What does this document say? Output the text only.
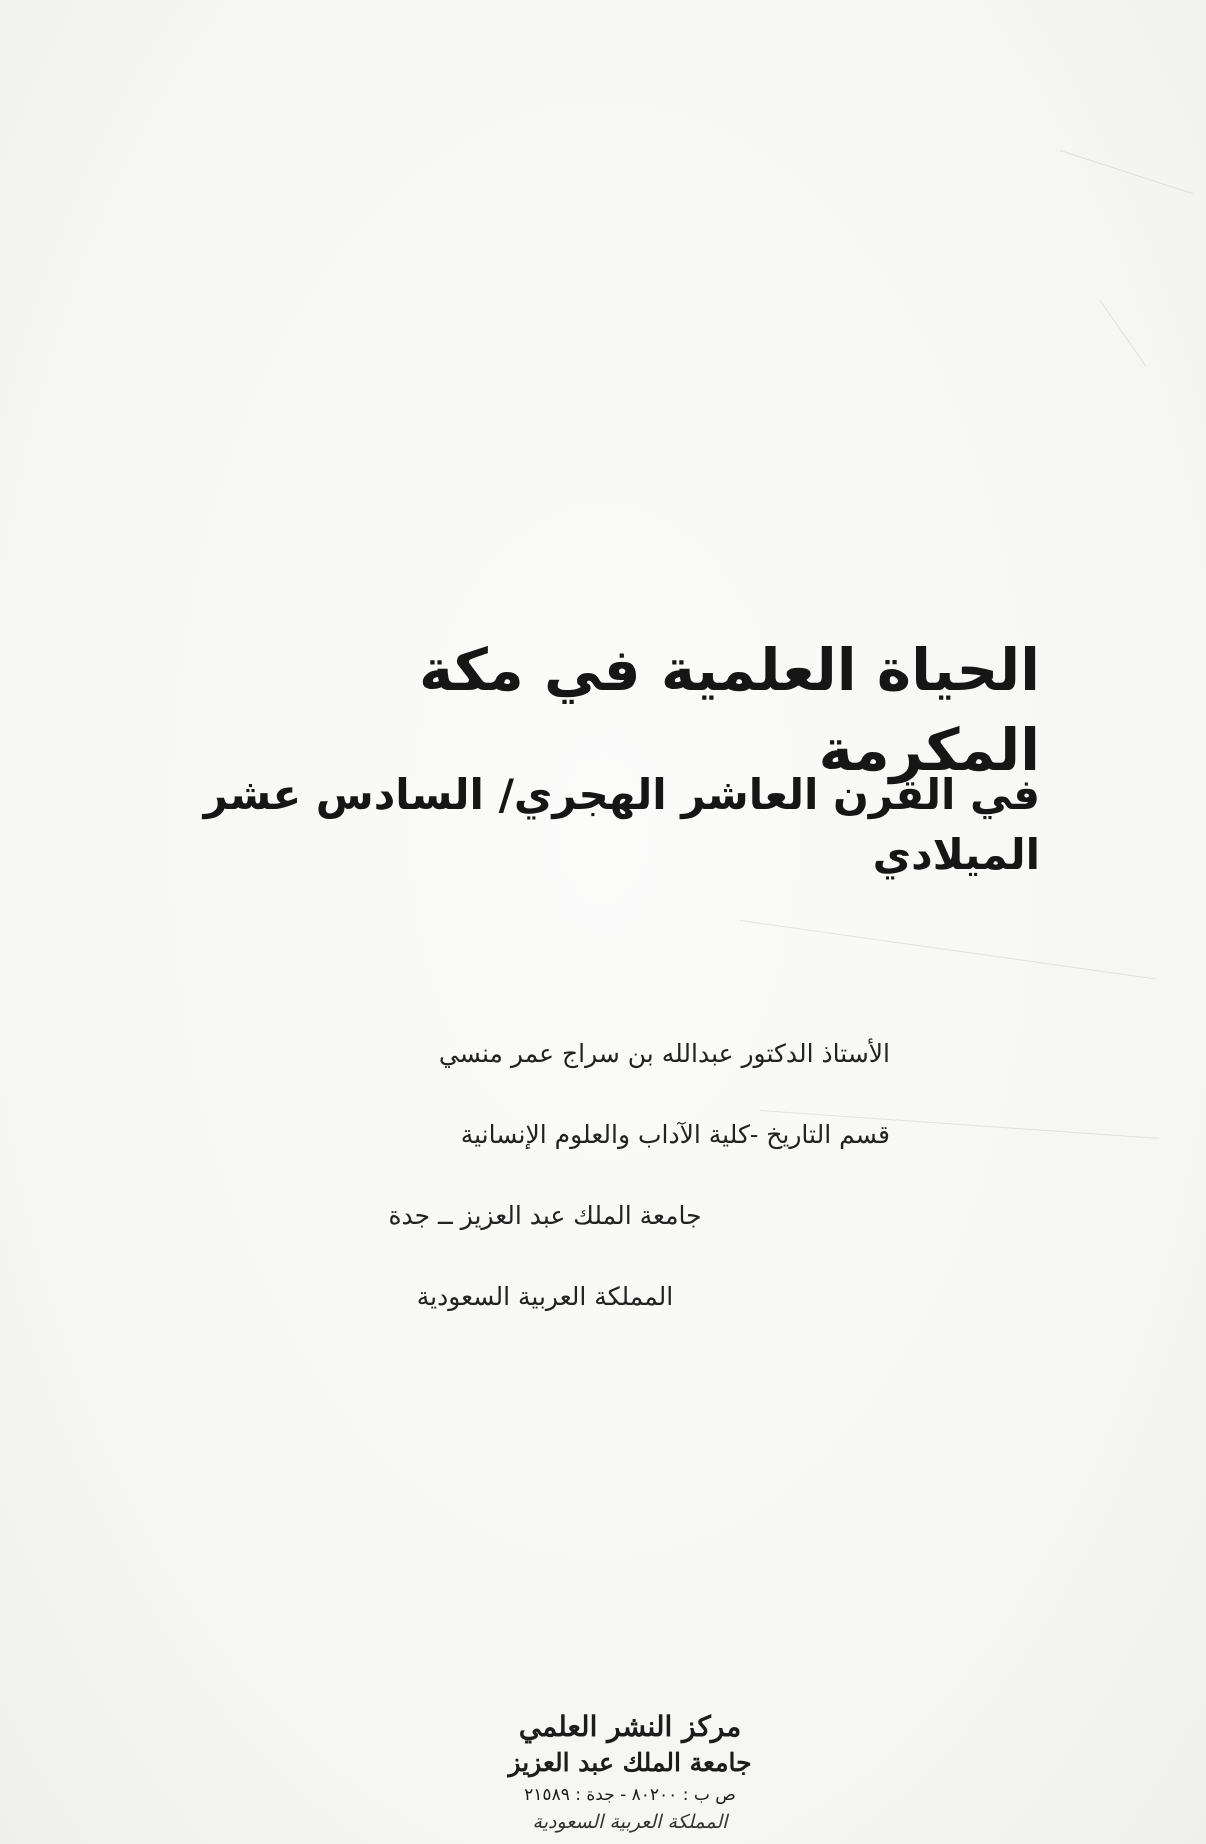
الحياة العلمية في مكة المكرمة
في القرن العاشر الهجري/ السادس عشر الميلادي
الأستاذ الدكتور عبدالله بن سراج عمر منسي
قسم التاريخ -كلية الآداب والعلوم الإنسانية
جامعة الملك عبد العزيز ــ جدة
المملكة العربية السعودية
مركز النشر العلمي
جامعة الملك عبد العزيز
ص ب : ٨٠٢٠٠ - جدة : ٢١٥٨٩
المملكة العربية السعودية
